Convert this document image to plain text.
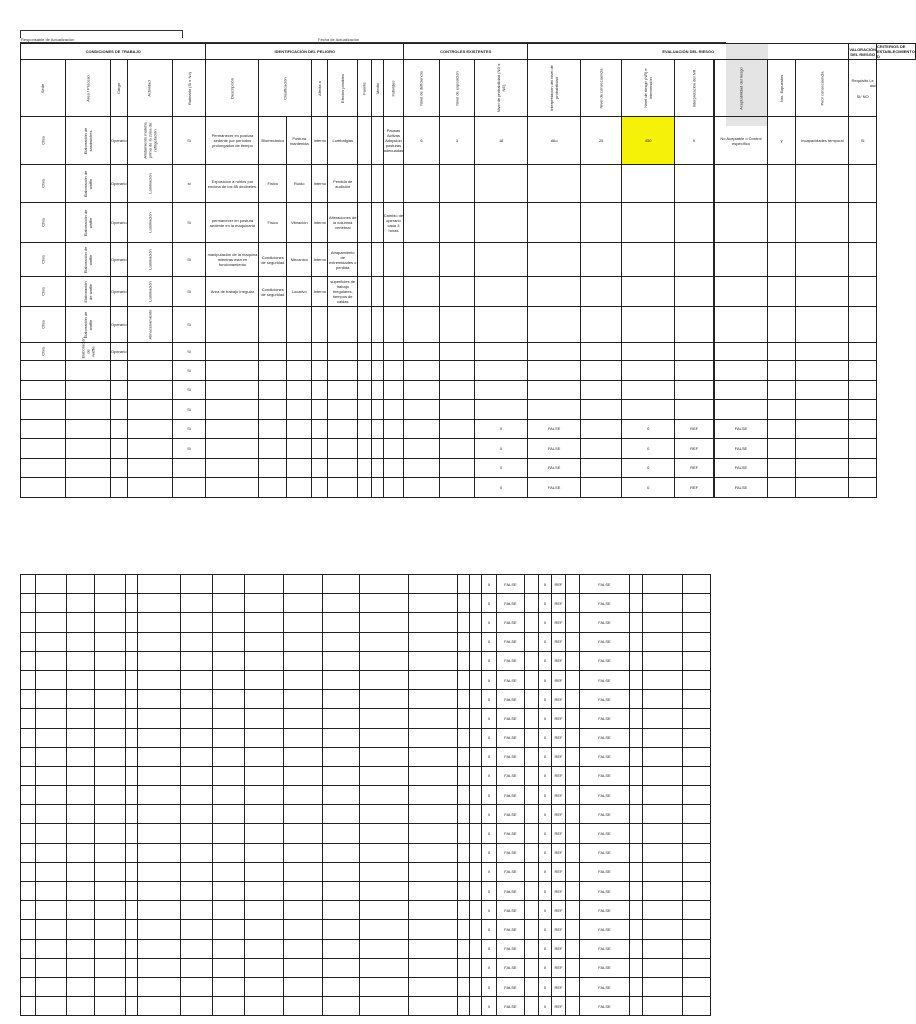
Responsable de Actualización	Fecha de Actualización
CONDICIONES DE TRABAJO					IDENTIFICACIÓN DEL PELIGRO								CONTROLES EXISTENTES			EVALUACIÓN DEL RIESGO							VALORACIÓN DEL RIESGO	CRITERIOS DE ESTABLECIMIENTO D
Sede	Área / Proceso	Cargo	Actividad	Rutinario (Si o No)	Descripción	Clasificación		Afecta a	Efectos posibles	Fuente	Medio	Individuo	Nivel de deficiencia	Nivel de exposición	Nivel de probabilidad (ND x NE)	Interpretación del nivel de probabilidad	Nivel de consecuencia	Nivel de riesgo (NR) e intervención	Interpretación del NR		Aceptabilidad del riesgo	Nro. Expuestos	Peor consecuencia	Requisito Le
asc
SI/ NO	

Chía	Elaboración de sandwiches	Operario	Alistamiento materia prima de la zona de refrigeración	Si	Permanecer en postura sedente por periodos prolongados de tiempo	Biomecánico	Postura mantenida	Interno	Lumbalgias			Pausas Activas Adopción posturas adecuadas	6	3	18	Alto	25	450	II		No Aceptable o Control específico	y	Incapacidades temporal	Si	
Chía	Elaboración de waffle	Operario	Laminación	si	Exposicion a ruidos por encima de los 85 decibeles.	Físico	Ruido	Interno	Perdida de audición															
Chía	Elaboración de waffle	Operario	Laminación	Si	permanecer en postura sedente en la maquinaria	Físico	Vibración	Interno	Alteraciones de la columna vertebral			Cambio de operario cada 3 horas												
Chía	Elaboración de waffle	Operario	Laminación	Si	manipulación de la maquina mientras esta en funcionamiento	Condiciones de seguridad	Mecanico	Interno	Atrapamiento de extremidades o perdida															
Chía	Elaboración de waffle	Operario	Laminación	Si	Area de trabajo irregular	Condiciones de seguridad	Locativo	Interno	superficies de trabajo irregulares, tiempos de caidas															
Chía	Elaboración de waffle	Operario	Almacenamiento	Si																				
Chía	Elaboración de waffle	Operario		Si																				
				Si																				
				Si																				
				Si																				
				Si											0	FALSE		0	REF		FALSE				
				Si											0	FALSE		0	REF		FALSE				
															0	FALSE		0	REF		FALSE				
															0	FALSE		0	REF		FALSE				
															0	FALSE		0	REF		FALSE			
															0	FALSE		0	REF		FALSE			
															0	FALSE		0	REF		FALSE			
															0	FALSE		0	REF		FALSE			
															0	FALSE		0	REF		FALSE			
															0	FALSE		0	REF		FALSE			
															0	FALSE		0	REF		FALSE			
															0	FALSE		0	REF		FALSE			
															0	FALSE		0	REF		FALSE			
															0	FALSE		0	REF		FALSE			
															0	FALSE		0	REF		FALSE			
															0	FALSE		0	REF		FALSE			
															0	FALSE		0	REF		FALSE			
															0	FALSE		0	REF		FALSE			
															0	FALSE		0	REF		FALSE			
															0	FALSE		0	REF		FALSE			
															0	FALSE		0	REF		FALSE			
															0	FALSE		0	REF		FALSE			
															0	FALSE		0	REF		FALSE			
															0	FALSE		0	REF		FALSE			
															0	FALSE		0	REF		FALSE			
															0	FALSE		0	REF		FALSE			
															0	FALSE		0	REF		FALSE			
